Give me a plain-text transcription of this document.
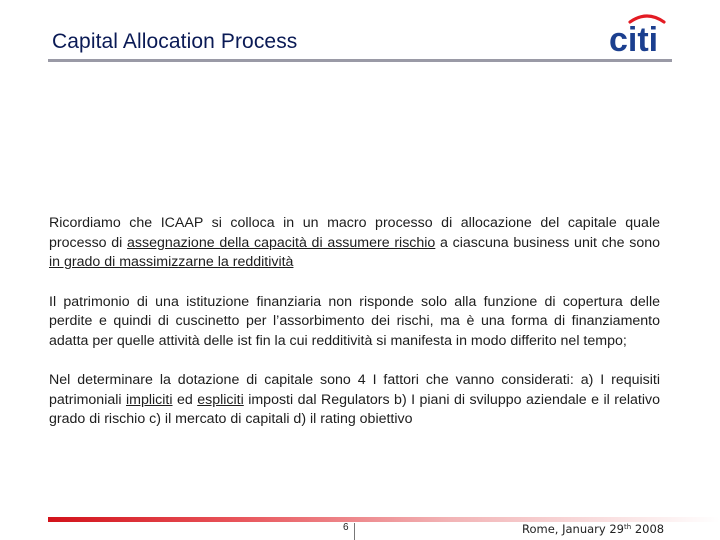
Capital Allocation Process	citi

Ricordiamo che ICAAP si colloca in un macro processo di allocazione del capitale quale processo di assegnazione della capacità di assumere rischio a ciascuna business unit che sono in grado di massimizzarne la redditività

Il patrimonio di una istituzione finanziaria non risponde solo alla funzione di copertura delle perdite e quindi di cuscinetto per l’assorbimento dei rischi, ma è una forma di finanziamento adatta per quelle attività delle ist fin la cui redditività si manifesta in modo differito nel tempo;

Nel determinare la dotazione di capitale sono 4 I fattori che vanno considerati: a) I requisiti patrimoniali impliciti ed espliciti imposti dal Regulators b) I piani di sviluppo aziendale e il relativo grado di rischio c) il mercato di capitali d) il rating obiettivo

6	Rome, January 29th 2008
